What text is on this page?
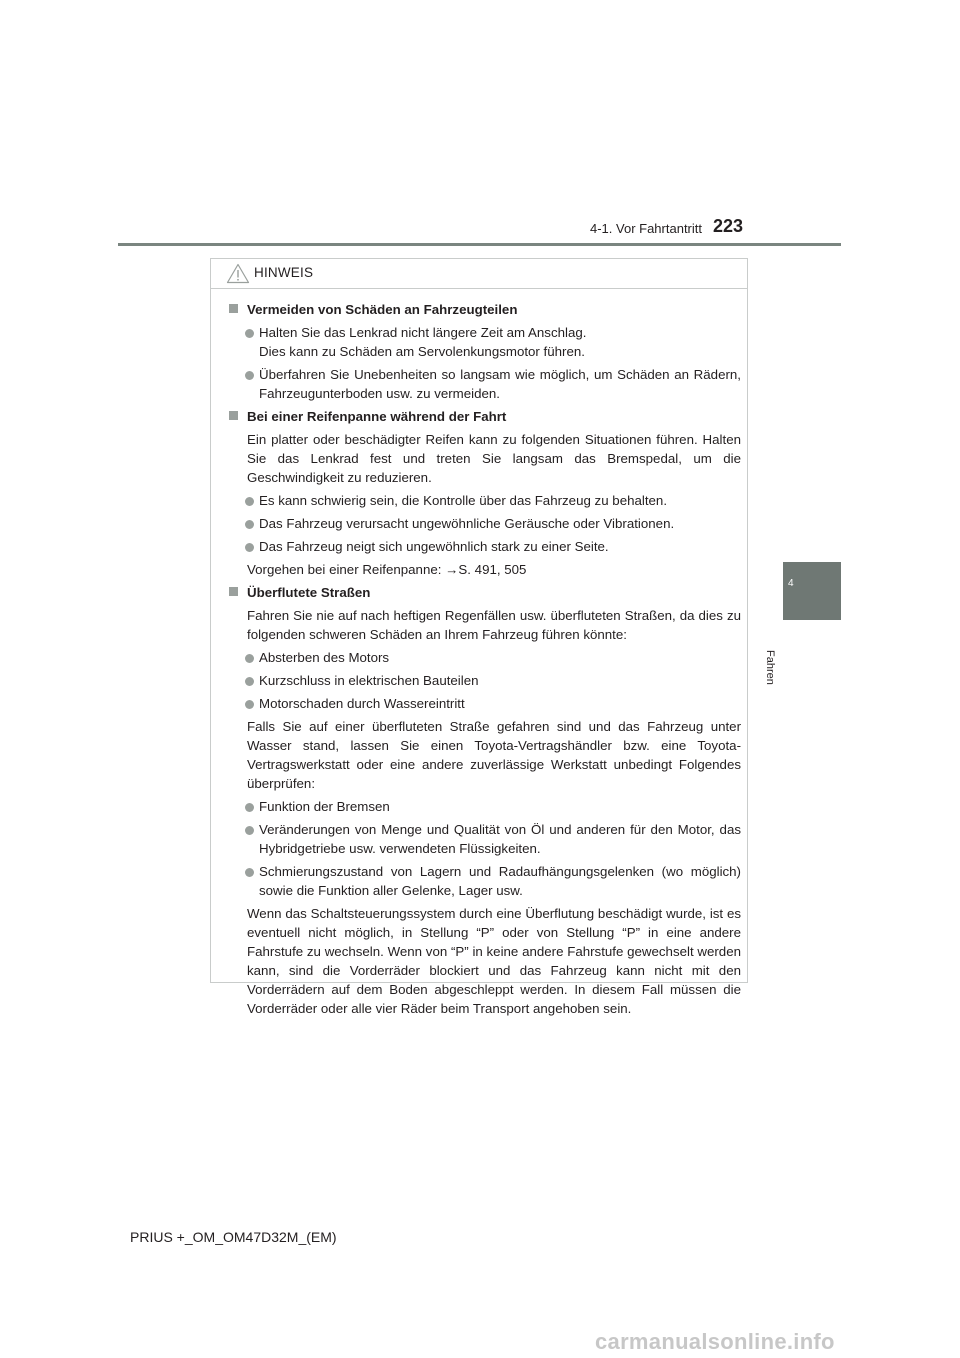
4-1. Vor Fahrtantritt 223
4
Fahren
HINWEIS
Vermeiden von Schäden an Fahrzeugteilen
Halten Sie das Lenkrad nicht längere Zeit am Anschlag.
Dies kann zu Schäden am Servolenkungsmotor führen.
Überfahren Sie Unebenheiten so langsam wie möglich, um Schäden an Rädern, Fahrzeugunterboden usw. zu vermeiden.
Bei einer Reifenpanne während der Fahrt
Ein platter oder beschädigter Reifen kann zu folgenden Situationen führen. Halten Sie das Lenkrad fest und treten Sie langsam das Bremspedal, um die Geschwindigkeit zu reduzieren.
Es kann schwierig sein, die Kontrolle über das Fahrzeug zu behalten.
Das Fahrzeug verursacht ungewöhnliche Geräusche oder Vibrationen.
Das Fahrzeug neigt sich ungewöhnlich stark zu einer Seite.
Vorgehen bei einer Reifenpanne: →S. 491, 505
Überflutete Straßen
Fahren Sie nie auf nach heftigen Regenfällen usw. überfluteten Straßen, da dies zu folgenden schweren Schäden an Ihrem Fahrzeug führen könnte:
Absterben des Motors
Kurzschluss in elektrischen Bauteilen
Motorschaden durch Wassereintritt
Falls Sie auf einer überfluteten Straße gefahren sind und das Fahrzeug unter Wasser stand, lassen Sie einen Toyota-Vertragshändler bzw. eine Toyota-Vertragswerkstatt oder eine andere zuverlässige Werkstatt unbedingt Folgendes überprüfen:
Funktion der Bremsen
Veränderungen von Menge und Qualität von Öl und anderen für den Motor, das Hybridgetriebe usw. verwendeten Flüssigkeiten.
Schmierungszustand von Lagern und Radaufhängungsgelenken (wo möglich) sowie die Funktion aller Gelenke, Lager usw.
Wenn das Schaltsteuerungssystem durch eine Überflutung beschädigt wurde, ist es eventuell nicht möglich, in Stellung “P” oder von Stellung “P” in eine andere Fahrstufe zu wechseln. Wenn von “P” in keine andere Fahrstufe gewechselt werden kann, sind die Vorderräder blockiert und das Fahrzeug kann nicht mit den Vorderrädern auf dem Boden abgeschleppt werden. In diesem Fall müssen die Vorderräder oder alle vier Räder beim Transport angehoben sein.
PRIUS +_OM_OM47D32M_(EM)
carmanualsonline.info
